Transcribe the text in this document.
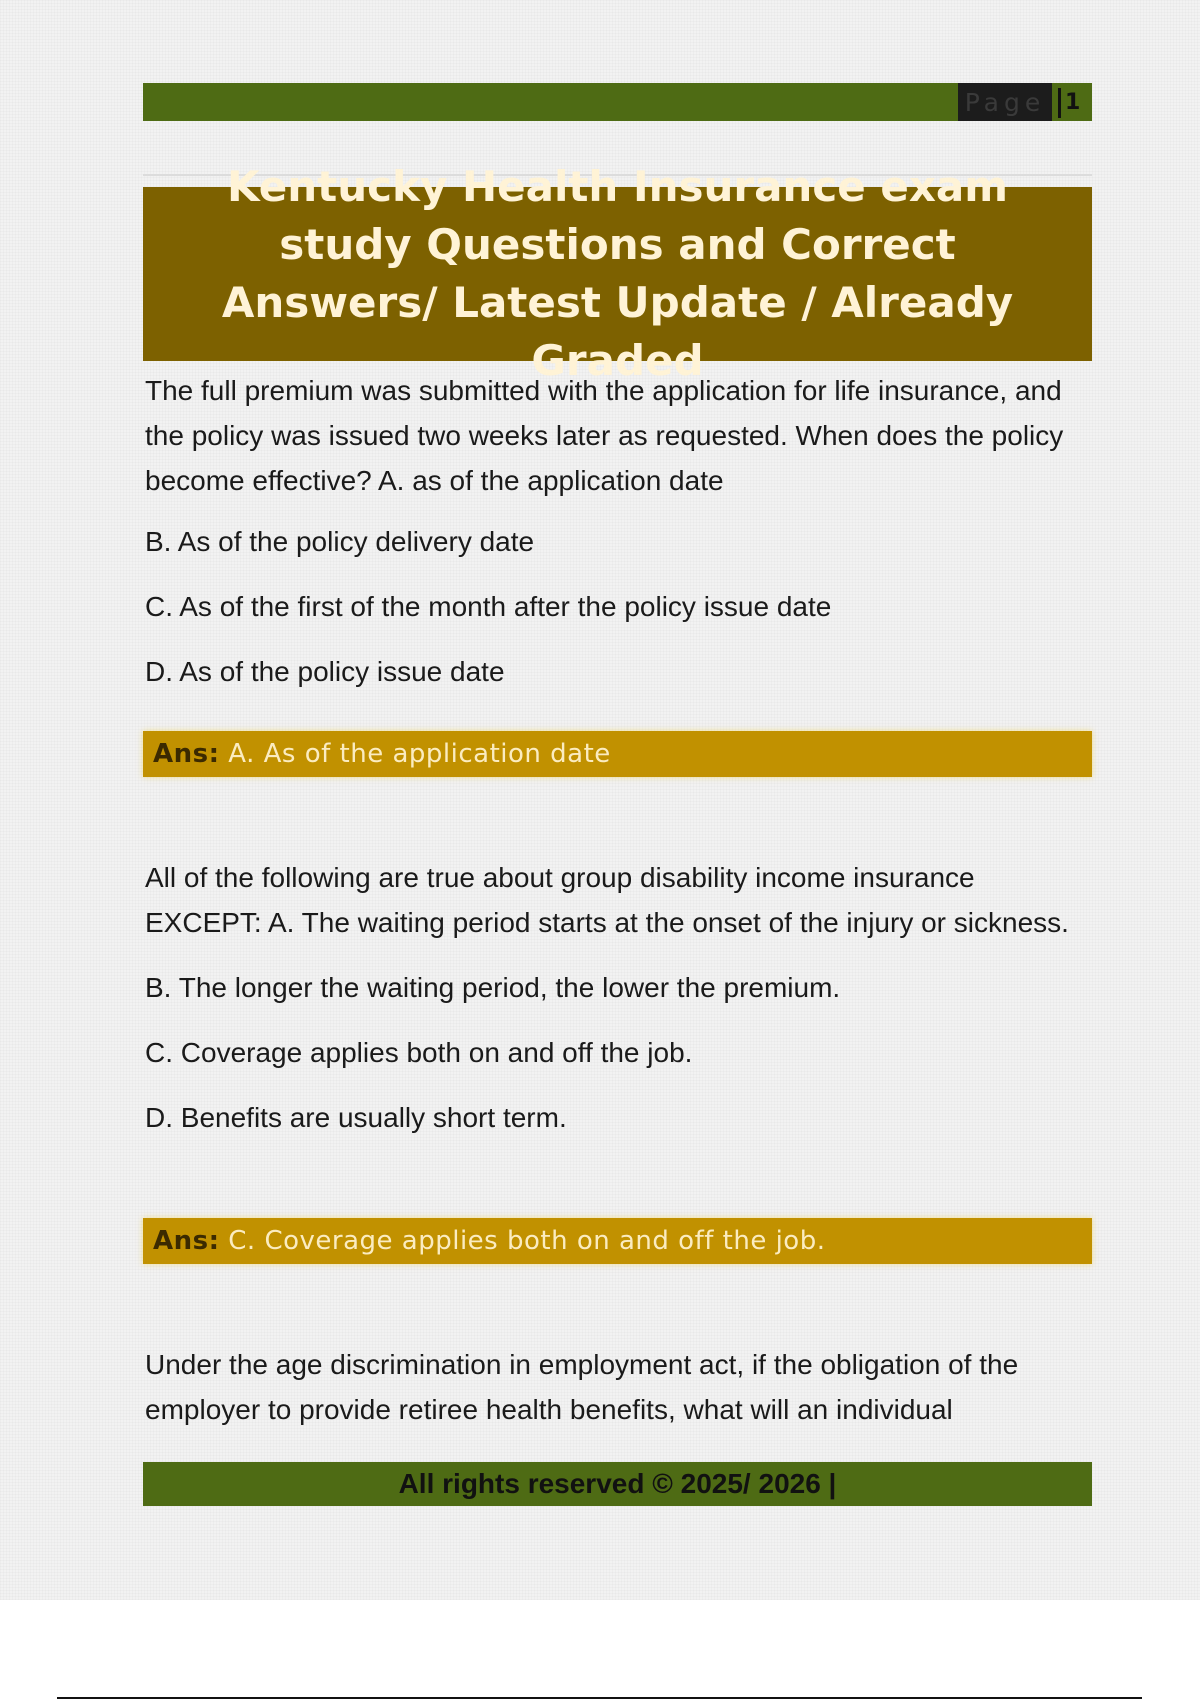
Page 1
Kentucky Health Insurance exam study Questions and Correct Answers/ Latest Update / Already Graded

The full premium was submitted with the application for life insurance, and the policy was issued two weeks later as requested. When does the policy become effective? A. as of the application date

B. As of the policy delivery date

C. As of the first of the month after the policy issue date

D. As of the policy issue date

Ans: A. As of the application date

All of the following are true about group disability income insurance EXCEPT: A. The waiting period starts at the onset of the injury or sickness.

B. The longer the waiting period, the lower the premium.

C. Coverage applies both on and off the job.

D. Benefits are usually short term.

Ans: C. Coverage applies both on and off the job.

Under the age discrimination in employment act, if the obligation of the employer to provide retiree health benefits, what will an individual

All rights reserved © 2025/ 2026 |
